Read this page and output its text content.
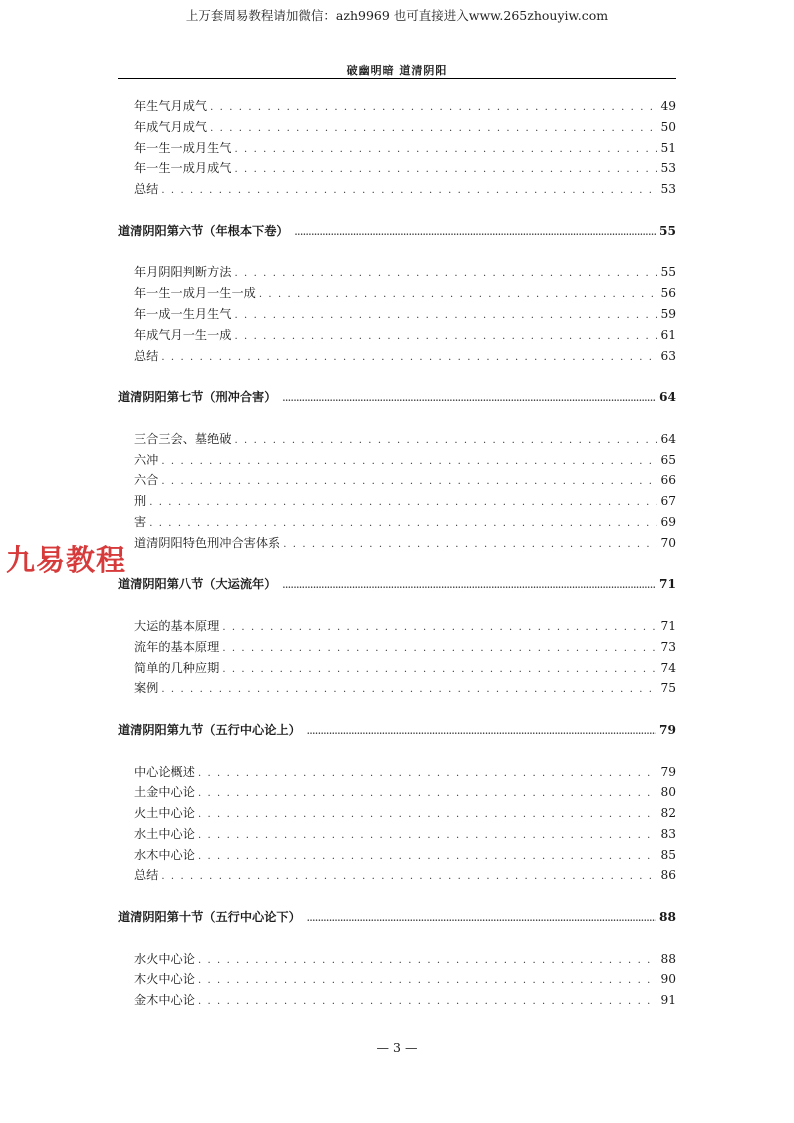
上万套周易教程请加微信：azh9969 也可直接进入www.265zhouyiw.com
破幽明暗 道清阴阳
年生气月成气 . . .	49
年成气月成气 . . .	50
年一生一成月生气 . . .	51
年一生一成月成气 . . .	53
总结 . . .	53
道清阴阳第六节（年根本下卷） .....	55
年月阴阳判断方法 . . .	55
年一生一成月一生一成 . . .	56
年一成一生月生气 . . .	59
年成气月一生一成 . . .	61
总结 . . .	63
道清阴阳第七节（刑冲合害） .....	64
三合三会、墓绝破 . . .	64
六冲 . . .	65
六合 . . .	66
刑 . . .	67
害 . . .	69
道清阴阳特色刑冲合害体系 . . .	70
道清阴阳第八节（大运流年） .....	71
大运的基本原理 . . .	71
流年的基本原理 . . .	73
简单的几种应期 . . .	74
案例 . . .	75
道清阴阳第九节（五行中心论上） .....	79
中心论概述 . . .	79
土金中心论 . . .	80
火土中心论 . . .	82
水土中心论 . . .	83
水木中心论 . . .	85
总结 . . .	86
道清阴阳第十节（五行中心论下） .....	88
水火中心论 . . .	88
木火中心论 . . .	90
金木中心论 . . .	91
九易教程
— 3 —
